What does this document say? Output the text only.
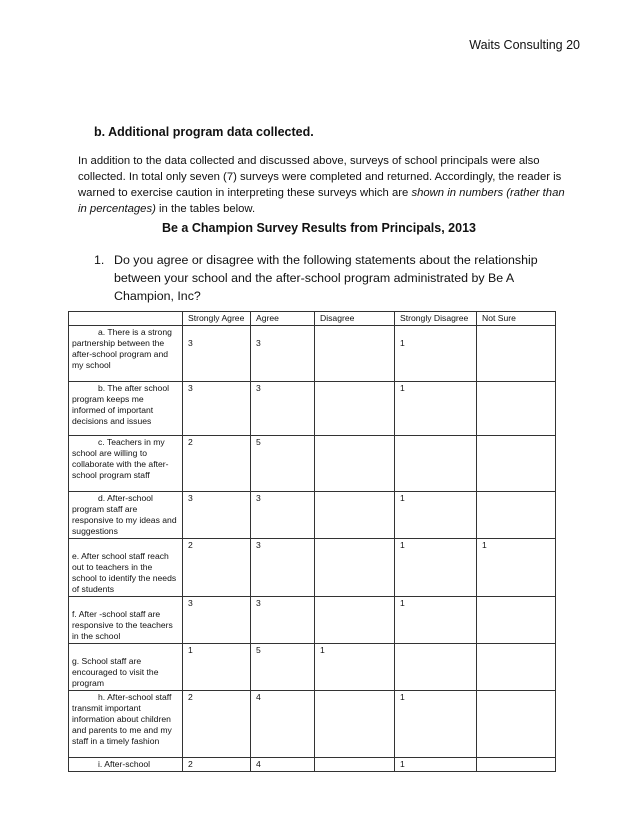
Waits Consulting 20
b. Additional program data collected.
In addition to the data collected and discussed above, surveys of school principals were also collected. In total only seven (7) surveys were completed and returned. Accordingly, the reader is warned to exercise caution in interpreting these surveys which are shown in numbers (rather than in percentages) in the tables below.
Be a Champion Survey Results from Principals, 2013
1. Do you agree or disagree with the following statements about the relationship between your school and the after-school program administrated by Be A Champion, Inc?
	Strongly Agree	Agree	Disagree	Strongly Disagree	Not Sure
a. There is a strong partnership between the after-school program and my school	3	3		1	

b. The after school program keeps me informed of important decisions and issues	3	3		1	
c. Teachers in my school are willing to collaborate with the after-school program staff	2	5			
d. After-school program staff are responsive to my ideas and suggestions	3	3		1	

e. After school staff reach out to teachers in the school to identify the needs of students	2	3		1	1

f. After -school staff are responsive to the teachers in the school	3	3		1	

g. School staff are encouraged to visit the program	1	5	1		
h. After-school staff transmit important information about children and parents to me and my staff in a timely fashion	2	4		1	
i. After-school	2	4		1	
